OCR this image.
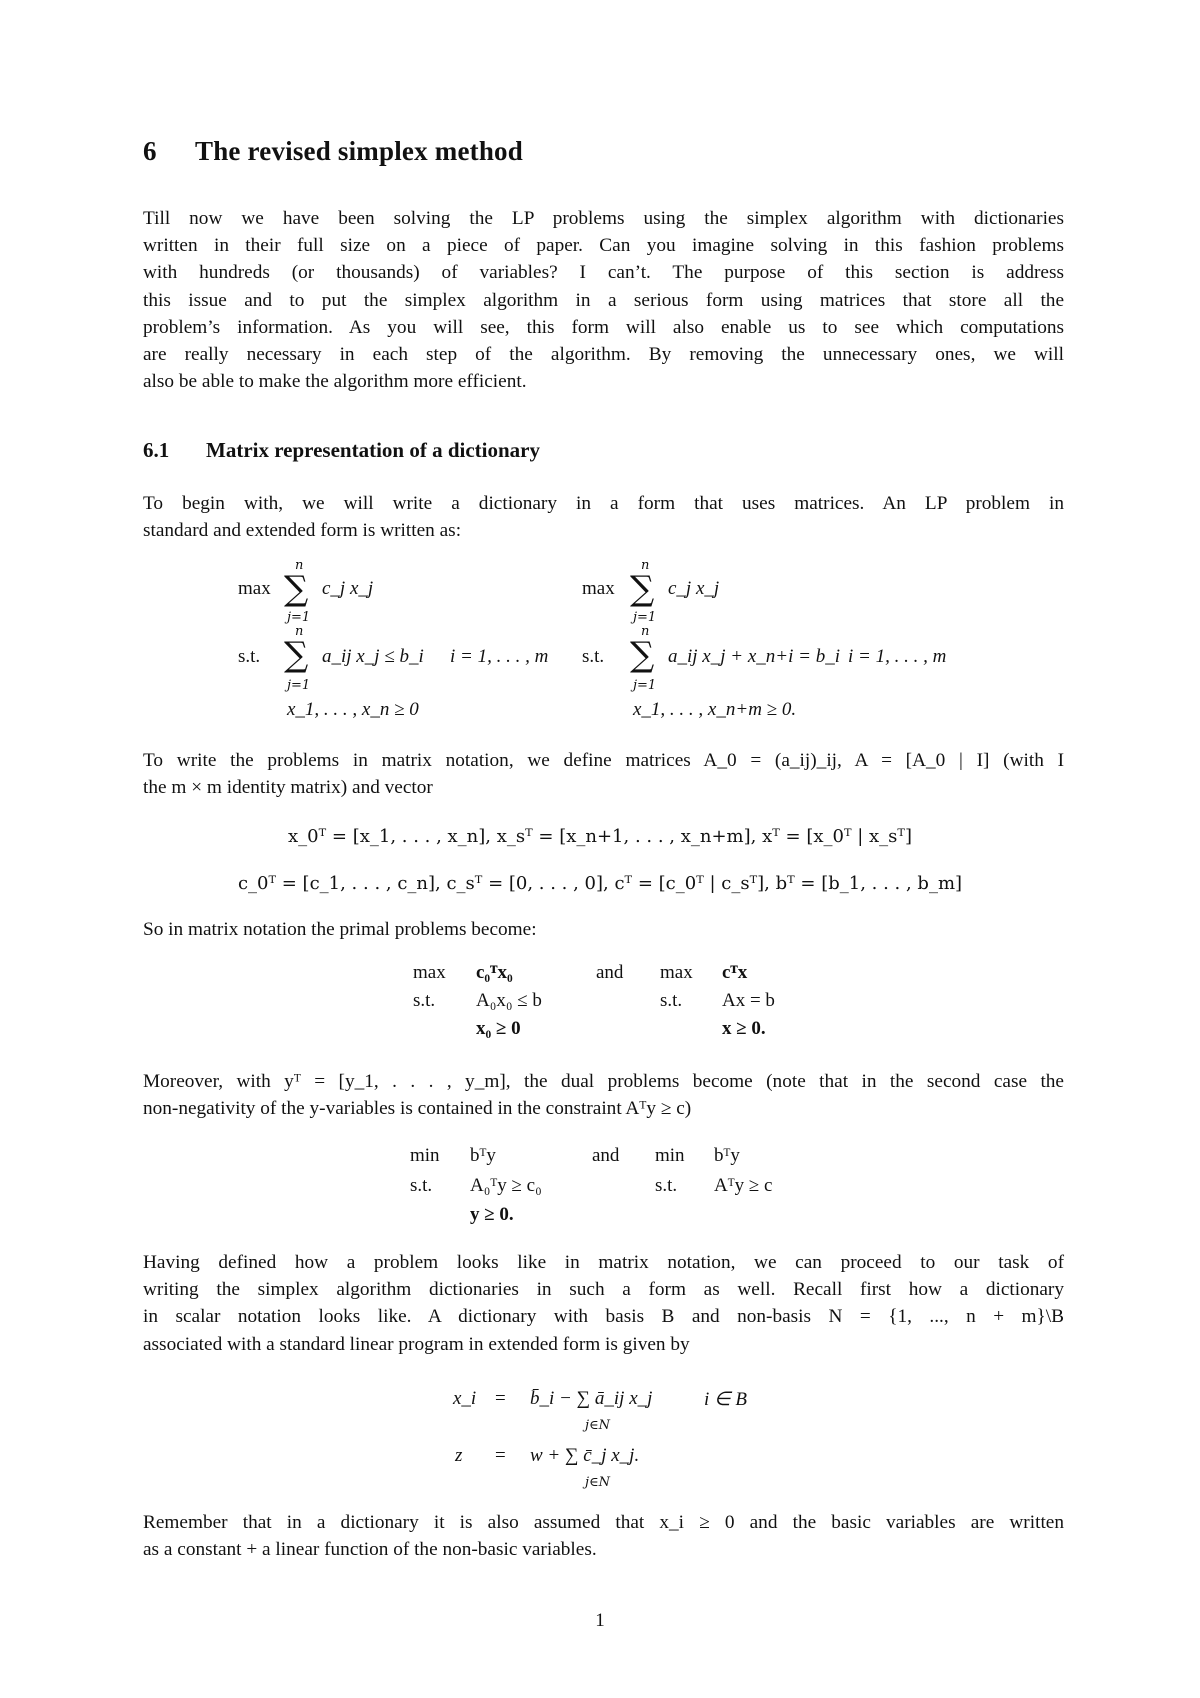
6 The revised simplex method
Till now we have been solving the LP problems using the simplex algorithm with dictionaries
written in their full size on a piece of paper. Can you imagine solving in this fashion problems
with hundreds (or thousands) of variables? I can’t. The purpose of this section is address
this issue and to put the simplex algorithm in a serious form using matrices that store all the
problem’s information. As you will see, this form will also enable us to see which computations
are really necessary in each step of the algorithm. By removing the unnecessary ones, we will
also be able to make the algorithm more efficient.
6.1 Matrix representation of a dictionary
To begin with, we will write a dictionary in a form that uses matrices. An LP problem in
standard and extended form is written as:
max
n
∑
j=1
c_j x_j
s.t.
n
∑
j=1
a_ij x_j ≤ b_i i = 1, . . . , m
x_1, . . . , x_n ≥ 0
max
n
∑
j=1
c_j x_j
s.t.
n
∑
j=1
a_ij x_j + x_n+i = b_i i = 1, . . . , m
x_1, . . . , x_n+m ≥ 0.
To write the problems in matrix notation, we define matrices A_0 = (a_ij)_ij, A = [A_0 | I] (with I
the m × m identity matrix) and vector
x_0ᵀ = [x_1, . . . , x_n], x_sᵀ = [x_n+1, . . . , x_n+m], xᵀ = [x_0ᵀ | x_sᵀ]
c_0ᵀ = [c_1, . . . , c_n], c_sᵀ = [0, . . . , 0], cᵀ = [c_0ᵀ | c_sᵀ], bᵀ = [b_1, . . . , b_m]
So in matrix notation the primal problems become:
max c₀ᵀx₀
s.t. A₀x₀ ≤ b
x₀ ≥ 0
and max cᵀx
s.t. Ax = b
x ≥ 0.
Moreover, with yᵀ = [y_1, . . . , y_m], the dual problems become (note that in the second case the
non-negativity of the y-variables is contained in the constraint Aᵀy ≥ c)
min bᵀy
s.t. A₀ᵀy ≥ c₀
y ≥ 0.
and min bᵀy
s.t. Aᵀy ≥ c
Having defined how a problem looks like in matrix notation, we can proceed to our task of
writing the simplex algorithm dictionaries in such a form as well. Recall first how a dictionary
in scalar notation looks like. A dictionary with basis B and non-basis N = {1, ..., n + m}\B
associated with a standard linear program in extended form is given by
x_i = b̄_i − ∑ ā_ij x_j
j∈N
i ∈ B
z = w + ∑ c̄_j x_j.
j∈N
Remember that in a dictionary it is also assumed that x_i ≥ 0 and the basic variables are written
as a constant + a linear function of the non-basic variables.
1
